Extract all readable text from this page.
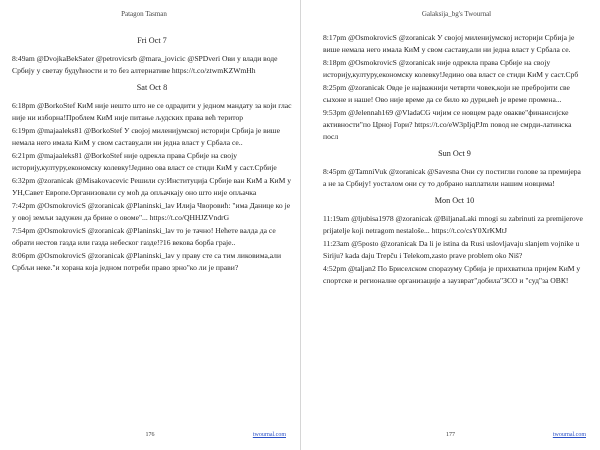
Patagon Tasman
Fri Oct 7
8:49am @DvojkaBekSater @petrovicsrb @mara_jovicic @SPDveri Ови у влади воде Србију у светау будућности и то без алтернативе https://t.co/ztwmKZWmHh
Sat Oct 8
6:18pm @BorkoStef КиМ није нешто што не се одрадити у једном мандату за који глас није ни изборна!Проблем КиМ није питање људских права већ територ
6:19pm @majaaleks81 @BorkoStef У својој милениjумској историји Србија је више немала него имала КиМ у свом саставу,али ни једна власт у Србала се..
6:21pm @majaaleks81 @BorkoStef није одрекла права Србије на своју историју,културу,економску колевку!Једино ова власт се стиди КиМ у саст.Србије
6:32pm @zoranicak @Misakovacevic Решили су:Институција Србије ван КиМ а КиМ у УН,Савет Европе.Организовали су моћ да опљачкају оно што није опљачка
7:42pm @OsmokrovicS @zoranicak @Planinski_lav Илија Чворовић: "има Данице ко је у овој земљи задужен да брине о овоме"... https://t.co/QHHJZVndrG
7:54pm @OsmokrovicS @zoranicak @Planinski_lav то је тачно! Нећете валда да се обрати нестов газда или газда небеског газде!?16 векова борба граје..
8:06pm @OsmokrovicS @zoranicak @Planinski_lav у праву сте са тим ликовима,али Србљи неке."и хорана која једном потреби право зрно"ко ли је прави?
176	twournal.com
Galaksija_bg's Twournal
8:17pm @OsmokrovicS @zoranicak У својој миленијумској историји Србија је више немала него имала КиМ у свом саставу,али ни једна власт у Србала се.
8:18pm @OsmokrovicS @zoranicak није одрекла права Србије на своју историју,културу,економску колевку!Једино ова власт се стиди КиМ у саст.Срб
8:25pm @zoranicak Овде је најважнији четврти човек,који не преброjити све сыхоне и наше! Ово није време да се било ко дури,већ је време промена...
9:53pm @Jelennah169 @VladaCG чијим се новцем раде овакве"финансијске активности"по Црној Гори? https://t.co/eW3pIjqPJm повод не смрди-латинска посл
Sun Oct 9
8:45pm @TamniVuk @zoranicak @Savesna Они су постигли головe за премијера а не за Србију! уосталом они су то добрaно наплатили нашим новцима!
Mon Oct 10
11:19am @ljubisa1978 @zoranicak @BiljanaLaki mnogi su zabrinuti za premijerove prijatelje koji netragom nestaloše... https://t.co/csY0XrKMtJ
11:23am @5posto @zoranicak Da li je istina da Rusi uslovljavaju slanjem vojnike u Siriju? kada daju Trepču i Telekom,zasto prave problem oko Niš?
4:52pm @taljan2 По Бриселском споразуму Србија је прихватила пријем КиМ у спортске и регионалне организације а заузврат"добила"ЗСО и "суд"за ОВК!
177	twournal.com
